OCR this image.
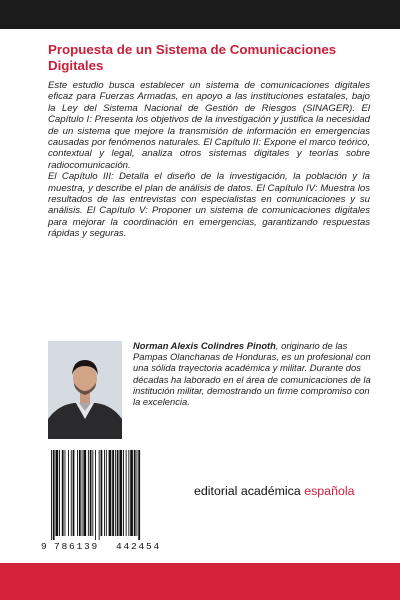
Propuesta de un Sistema de Comunicaciones Digitales

Este estudio busca establecer un sistema de comunicaciones digitales eficaz para Fuerzas Armadas, en apoyo a las instituciones estatales, bajo la Ley del Sistema Nacional de Gestión de Riesgos (SINAGER). El Capítulo I: Presenta los objetivos de la investigación y justifica la necesidad de un sistema que mejore la transmisión de información en emergencias causadas por fenómenos naturales. El Capítulo II: Expone el marco teórico, contextual y legal, analiza otros sistemas digitales y teorías sobre radiocomunicación.

El Capítulo III: Detalla el diseño de la investigación, la población y la muestra, y describe el plan de análisis de datos. El Capítulo IV: Muestra los resultados de las entrevistas con especialistas en comunicaciones y su análisis. El Capítulo V: Proponer un sistema de comunicaciones digitales para mejorar la coordinación en emergencias, garantizando respuestas rápidas y seguras.

Norman Alexis Colindres Pinoth, originario de las Pampas Olanchanas de Honduras, es un profesional con una sólida trayectoria académica y militar. Durante dos décadas ha laborado en el área de comunicaciones de la institución militar, demostrando un firme compromiso con la excelencia.

9 786139 442454
editorial académica española
